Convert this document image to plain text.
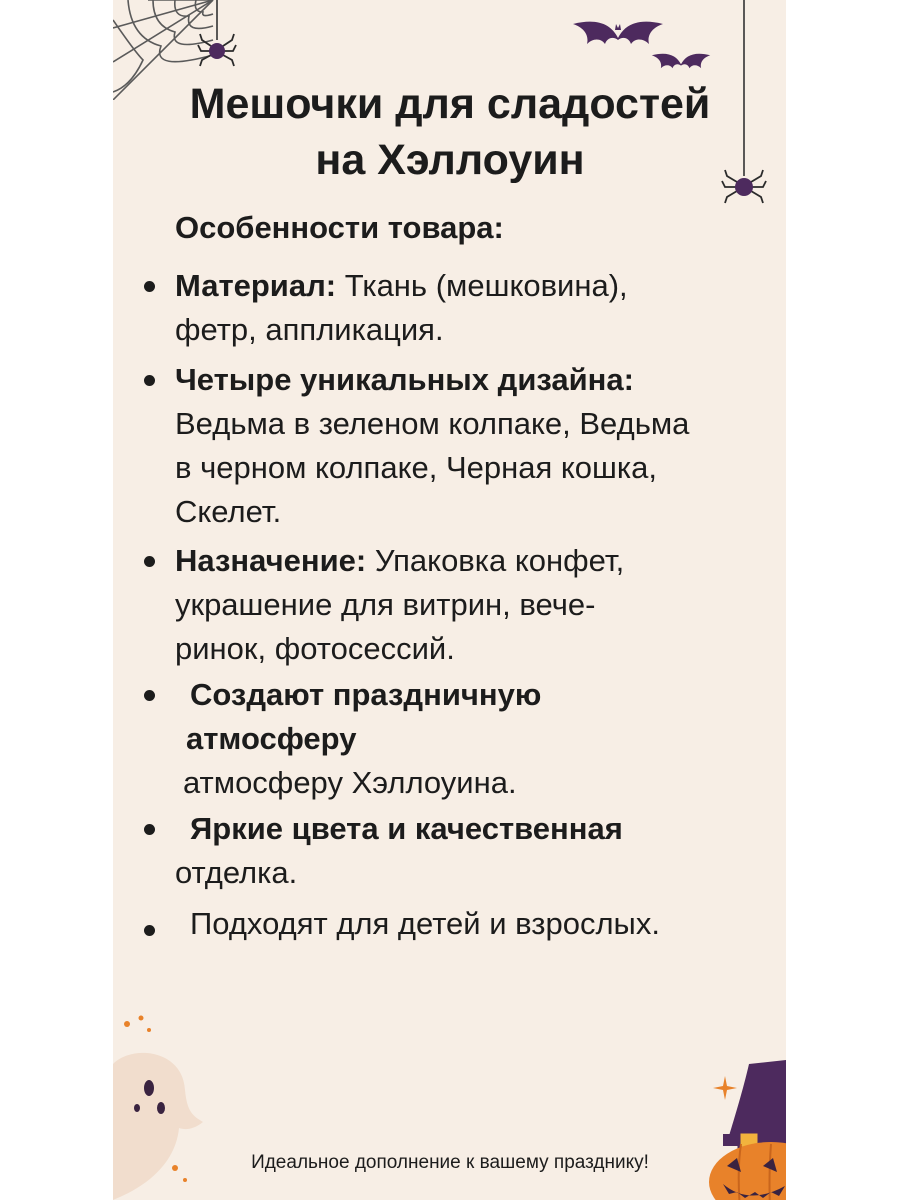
Мешочки для сладостей
на Хэллоуин
Особенности товара:
Материал: Ткань (мешковина),
фетр, аппликация.
Четыре уникальных дизайна:
Ведьма в зеленом колпаке, Ведьма
в черном колпаке, Черная кошка,
Скелет.
Назначение: Упаковка конфет,
украшение для витрин, вече-
ринок, фотосессий.
Создают праздничную
атмосферу
атмосферу Хэллоуина.
Яркие цвета и качественная
отделка.
Подходят для детей и взрослых.
Идеальное дополнение к вашему празднику!
